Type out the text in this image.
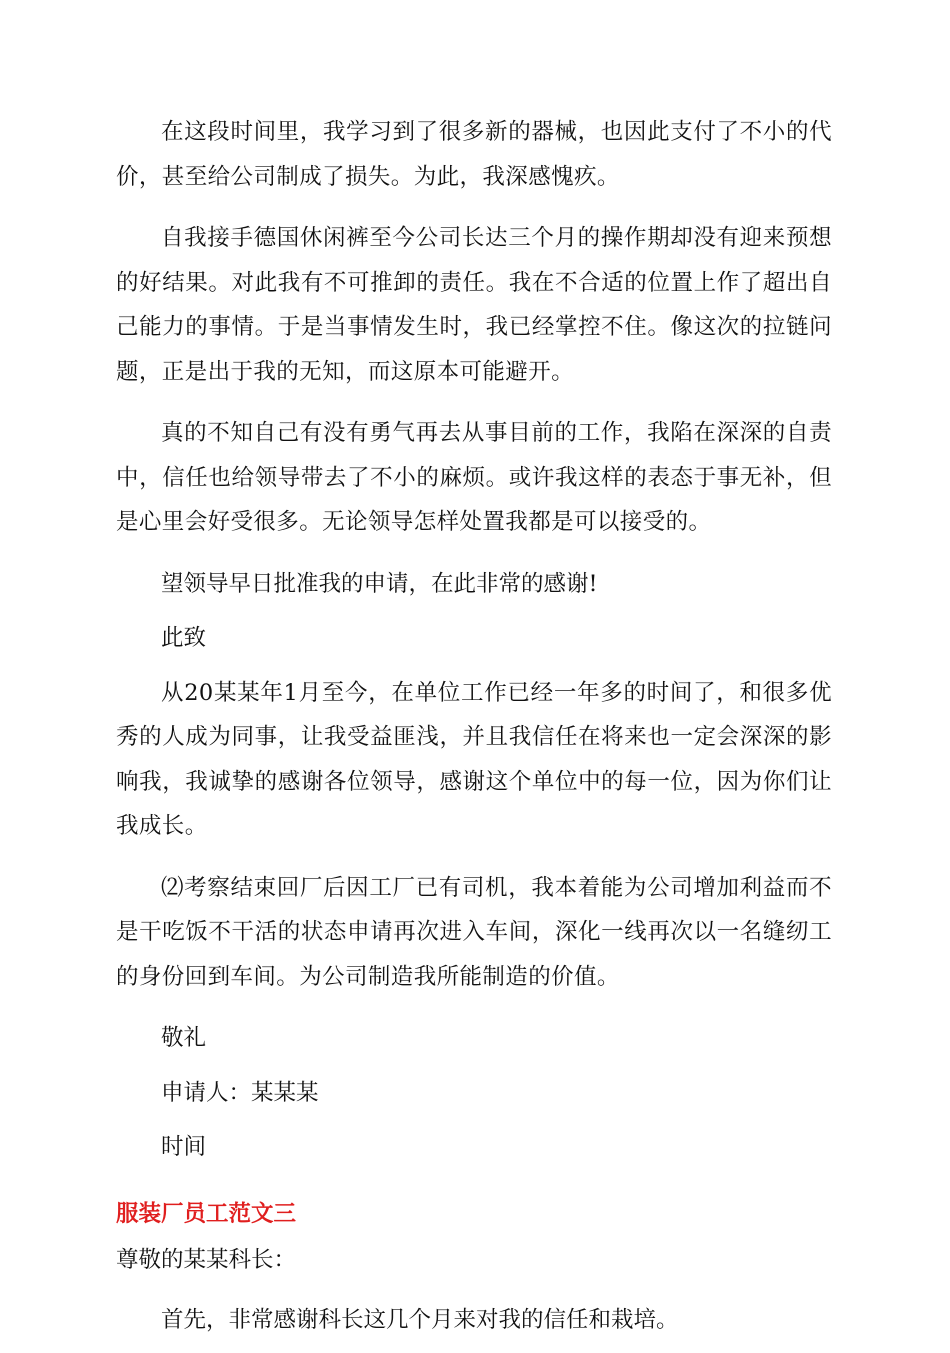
在这段时间里，我学习到了很多新的器械，也因此支付了不小的代价，甚至给公司制成了损失。为此，我深感愧疚。

自我接手德国休闲裤至今公司长达三个月的操作期却没有迎来预想的好结果。对此我有不可推卸的责任。我在不合适的位置上作了超出自己能力的事情。于是当事情发生时，我已经掌控不住。像这次的拉链问题，正是出于我的无知，而这原本可能避开。

真的不知自己有没有勇气再去从事目前的工作，我陷在深深的自责中，信任也给领导带去了不小的麻烦。或许我这样的表态于事无补，但是心里会好受很多。无论领导怎样处置我都是可以接受的。

望领导早日批准我的申请，在此非常的感谢!

此致

从20某某年1月至今，在单位工作已经一年多的时间了，和很多优秀的人成为同事，让我受益匪浅，并且我信任在将来也一定会深深的影响我，我诚挚的感谢各位领导，感谢这个单位中的每一位，因为你们让我成长。

⑵考察结束回厂后因工厂已有司机，我本着能为公司增加利益而不是干吃饭不干活的状态申请再次进入车间，深化一线再次以一名缝纫工的身份回到车间。为公司制造我所能制造的价值。

敬礼

申请人：某某某

时间

服装厂员工范文三

尊敬的某某科长：

首先，非常感谢科长这几个月来对我的信任和栽培。
